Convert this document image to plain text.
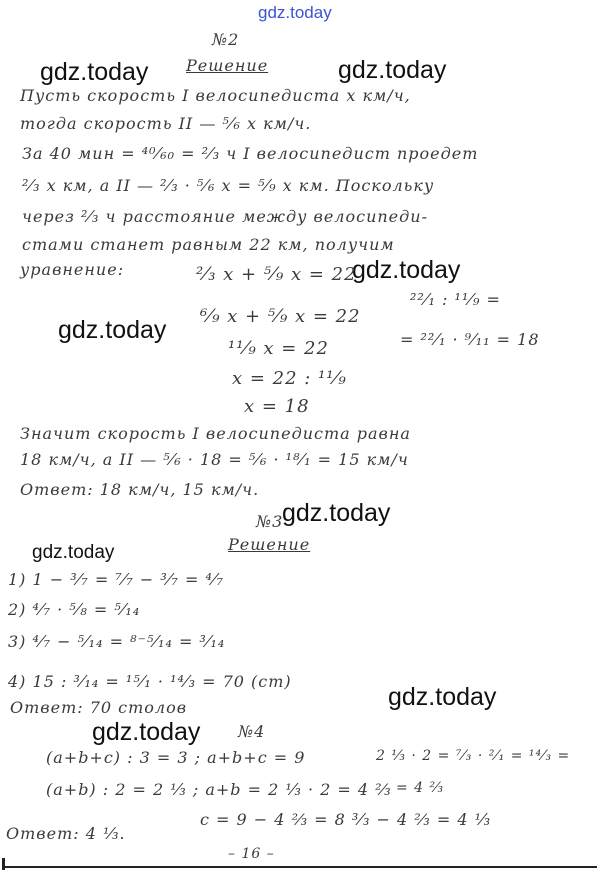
gdz.today
gdz.today	gdz.today
gdz.today
gdz.today
gdz.today
gdz.today
gdz.today
gdz.today
№2
Решение
Пусть скорость I велосипедиста x км/ч,
тогда скорость II — ⁵⁄₆ x км/ч.
За 40 мин = ⁴⁰⁄₆₀ = ²⁄₃ ч I велосипедист проедет
²⁄₃ x км, а II — ²⁄₃ · ⁵⁄₆ x = ⁵⁄₉ x км. Поскольку
через ²⁄₃ ч расстояние между велосипеди-
стами станет равным 22 км, получим
уравнение:	²⁄₃ x + ⁵⁄₉ x = 22
⁶⁄₉ x + ⁵⁄₉ x = 22
¹¹⁄₉ x = 22
x = 22 : ¹¹⁄₉
x = 18
²²⁄₁ : ¹¹⁄₉ =
= ²²⁄₁ · ⁹⁄₁₁ = 18
Значит скорость I велосипедиста равна
18 км/ч, а II — ⁵⁄₆ · 18 = ⁵⁄₆ · ¹⁸⁄₁ = 15 км/ч
Ответ: 18 км/ч, 15 км/ч.
№3
Решение
1) 1 − ³⁄₇ = ⁷⁄₇ − ³⁄₇ = ⁴⁄₇
2) ⁴⁄₇ · ⁵⁄₈ = ⁵⁄₁₄
3) ⁴⁄₇ − ⁵⁄₁₄ = ⁸⁻⁵⁄₁₄ = ³⁄₁₄
4) 15 : ³⁄₁₄ = ¹⁵⁄₁ · ¹⁴⁄₃ = 70 (ст)
Ответ: 70 столов
№4
(a+b+c) : 3 = 3 ; a+b+c = 9
(a+b) : 2 = 2 ⅓ ; a+b = 2 ⅓ · 2 = 4 ⅔
c = 9 − 4 ⅔ = 8 ³⁄₃ − 4 ⅔ = 4 ⅓
2 ⅓ · 2 = ⁷⁄₃ · ²⁄₁ = ¹⁴⁄₃ =
= 4 ⅔
Ответ: 4 ⅓.
– 16 –
